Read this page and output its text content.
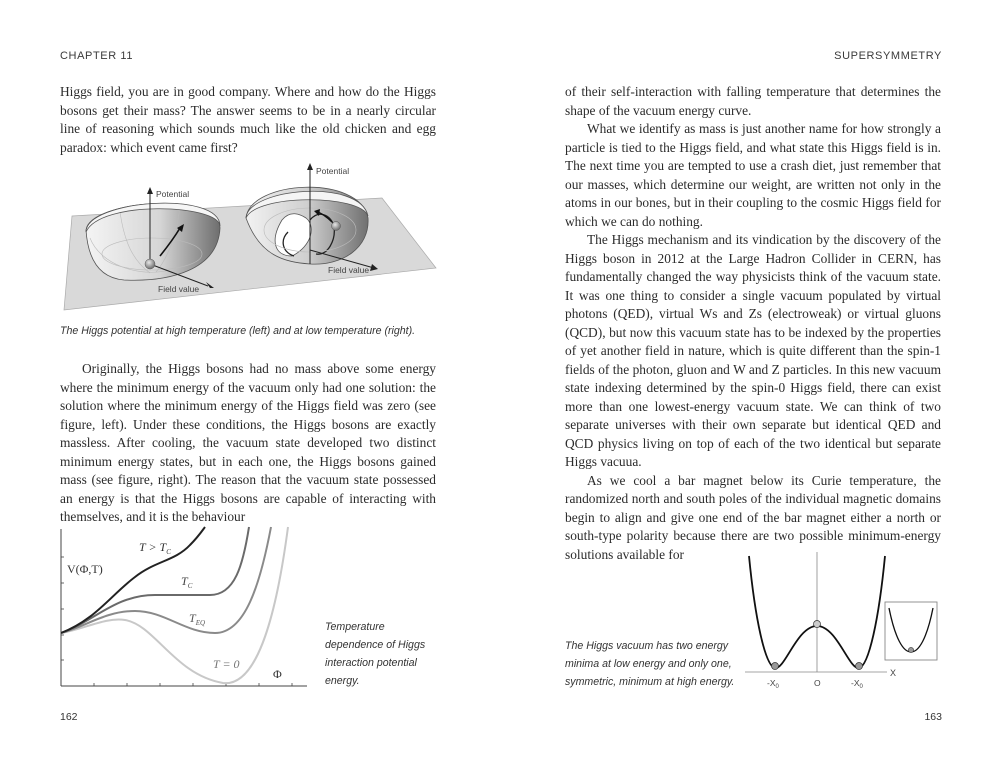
CHAPTER 11

Higgs field, you are in good company. Where and how do the Higgs bosons get their mass? The answer seems to be in a nearly circular line of reasoning which sounds much like the old chicken and egg paradox: which event came first?

Potential
Field value
Potential
Field value
The Higgs potential at high temperature (left) and at low temperature (right).

Originally, the Higgs bosons had no mass above some energy where the minimum energy of the vacuum only had one solution: the solution where the minimum energy of the Higgs field was zero (see figure, left). Under these conditions, the Higgs bosons are exactly massless. After cooling, the vacuum state developed two distinct minimum energy states, but in each one, the Higgs bosons gained mass (see figure, right). The reason that the vacuum state possessed an energy is that the Higgs bosons are capable of interacting with themselves, and it is the behaviour

V(Φ,T)
$T > T_C$
$T_C$
$T_{EQ}$
T = 0
Φ
Temperature
dependence of Higgs
interaction potential
energy.
162
SUPERSYMMETRY

of their self-interaction with falling temperature that determines the shape of the vacuum energy curve.

What we identify as mass is just another name for how strongly a particle is tied to the Higgs field, and what state this Higgs field is in. The next time you are tempted to use a crash diet, just remember that our masses, which determine our weight, are written not only in the atoms in our bones, but in their coupling to the cosmic Higgs field for which we can do nothing.

The Higgs mechanism and its vindication by the discovery of the Higgs boson in 2012 at the Large Hadron Collider in CERN, has fundamentally changed the way physicists think of the vacuum state. It was one thing to consider a single vacuum populated by virtual photons (QED), virtual Ws and Zs (electroweak) or virtual gluons (QCD), but now this vacuum state has to be indexed by the properties of yet another field in nature, which is quite different than the spin-1 fields of the photon, gluon and W and Z particles. In this new vacuum state indexing determined by the spin-0 Higgs field, there can exist more than one lowest-energy vacuum state. We can think of two separate universes with their own separate but identical QED and QCD physics living on top of each of the two identical but separate Higgs vacuua.

As we cool a bar magnet below its Curie temperature, the randomized north and south poles of the individual magnetic domains begin to align and give one end of the bar magnet either a north or south-type polarity because there are two possible minimum-energy solutions available for

The Higgs vacuum has two energy
minima at low energy and only one,
symmetric, minimum at high energy.
X
$-X_0$	O	$-X_0$
163
